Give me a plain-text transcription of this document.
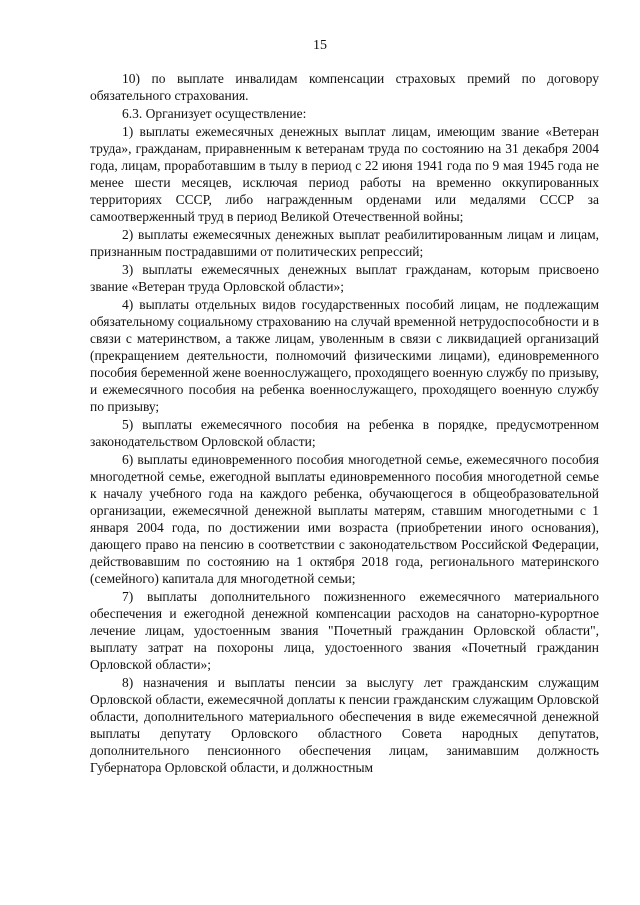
15

10) по выплате инвалидам компенсации страховых премий по договору обязательного страхования.

6.3. Организует осуществление:

1) выплаты ежемесячных денежных выплат лицам, имеющим звание «Ветеран труда», гражданам, приравненным к ветеранам труда по состоянию на 31 декабря 2004 года, лицам, проработавшим в тылу в период с 22 июня 1941 года по 9 мая 1945 года не менее шести месяцев, исключая период работы на временно оккупированных территориях СССР, либо награжденным орденами или медалями СССР за самоотверженный труд в период Великой Отечественной войны;

2) выплаты ежемесячных денежных выплат реабилитированным лицам и лицам, признанным пострадавшими от политических репрессий;

3) выплаты ежемесячных денежных выплат гражданам, которым присвоено звание «Ветеран труда Орловской области»;

4) выплаты отдельных видов государственных пособий лицам, не подлежащим обязательному социальному страхованию на случай временной нетрудоспособности и в связи с материнством, а также лицам, уволенным в связи с ликвидацией организаций (прекращением деятельности, полномочий физическими лицами), единовременного пособия беременной жене военнослужащего, проходящего военную службу по призыву, и ежемесячного пособия на ребенка военнослужащего, проходящего военную службу по призыву;

5) выплаты ежемесячного пособия на ребенка в порядке, предусмотренном законодательством Орловской области;

6) выплаты единовременного пособия многодетной семье, ежемесячного пособия многодетной семье, ежегодной выплаты единовременного пособия многодетной семье к началу учебного года на каждого ребенка, обучающегося в общеобразовательной организации, ежемесячной денежной выплаты матерям, ставшим многодетными с 1 января 2004 года, по достижении ими возраста (приобретении иного основания), дающего право на пенсию в соответствии с законодательством Российской Федерации, действовавшим по состоянию на 1 октября 2018 года, регионального материнского (семейного) капитала для многодетной семьи;

7) выплаты дополнительного пожизненного ежемесячного материального обеспечения и ежегодной денежной компенсации расходов на санаторно-курортное лечение лицам, удостоенным звания "Почетный гражданин Орловской области", выплату затрат на похороны лица, удостоенного звания «Почетный гражданин Орловской области»;

8) назначения и выплаты пенсии за выслугу лет гражданским служащим Орловской области, ежемесячной доплаты к пенсии гражданским служащим Орловской области, дополнительного материального обеспечения в виде ежемесячной денежной выплаты депутату Орловского областного Совета народных депутатов, дополнительного пенсионного обеспечения лицам, занимавшим должность Губернатора Орловской области, и должностным
